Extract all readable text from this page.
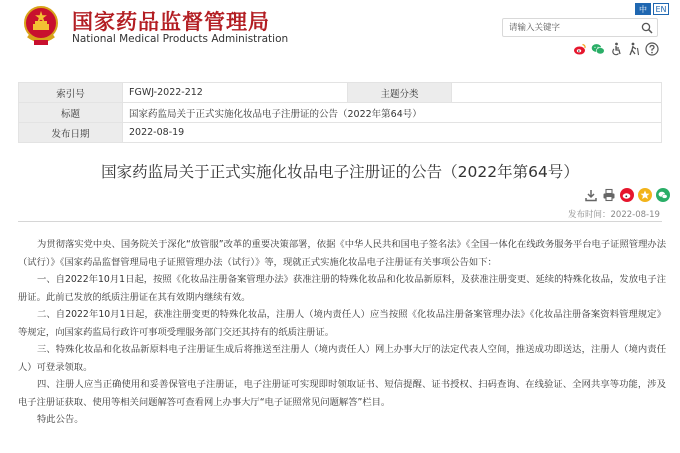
国家药品监督管理局
National Medical Products Administration
中	EN
请输入关键字
索引号	FGWJ-2022-212	主题分类	
标题	国家药监局关于正式实施化妆品电子注册证的公告（2022年第64号）		
发布日期	2022-08-19		
国家药监局关于正式实施化妆品电子注册证的公告（2022年第64号）
发布时间：2022-08-19

为贯彻落实党中央、国务院关于深化“放管服”改革的重要决策部署，依据《中华人民共和国电子签名法》《全国一体化在线政务服务平台电子证照管理办法（试行）》《国家药品监督管理局电子证照管理办法（试行）》等，现就正式实施化妆品电子注册证有关事项公告如下：

一、自2022年10月1日起，按照《化妆品注册备案管理办法》获准注册的特殊化妆品和化妆品新原料，及获准注册变更、延续的特殊化妆品，发放电子注册证。此前已发放的纸质注册证在其有效期内继续有效。

二、自2022年10月1日起，获准注册变更的特殊化妆品，注册人（境内责任人）应当按照《化妆品注册备案管理办法》《化妆品注册备案资料管理规定》等规定，向国家药监局行政许可事项受理服务部门交还其持有的纸质注册证。

三、特殊化妆品和化妆品新原料电子注册证生成后将推送至注册人（境内责任人）网上办事大厅的法定代表人空间，推送成功即送达，注册人（境内责任人）可登录领取。

四、注册人应当正确使用和妥善保管电子注册证，电子注册证可实现即时领取证书、短信提醒、证书授权、扫码查询、在线验证、全网共享等功能，涉及电子注册证获取、使用等相关问题解答可查看网上办事大厅“电子证照常见问题解答”栏目。

特此公告。
